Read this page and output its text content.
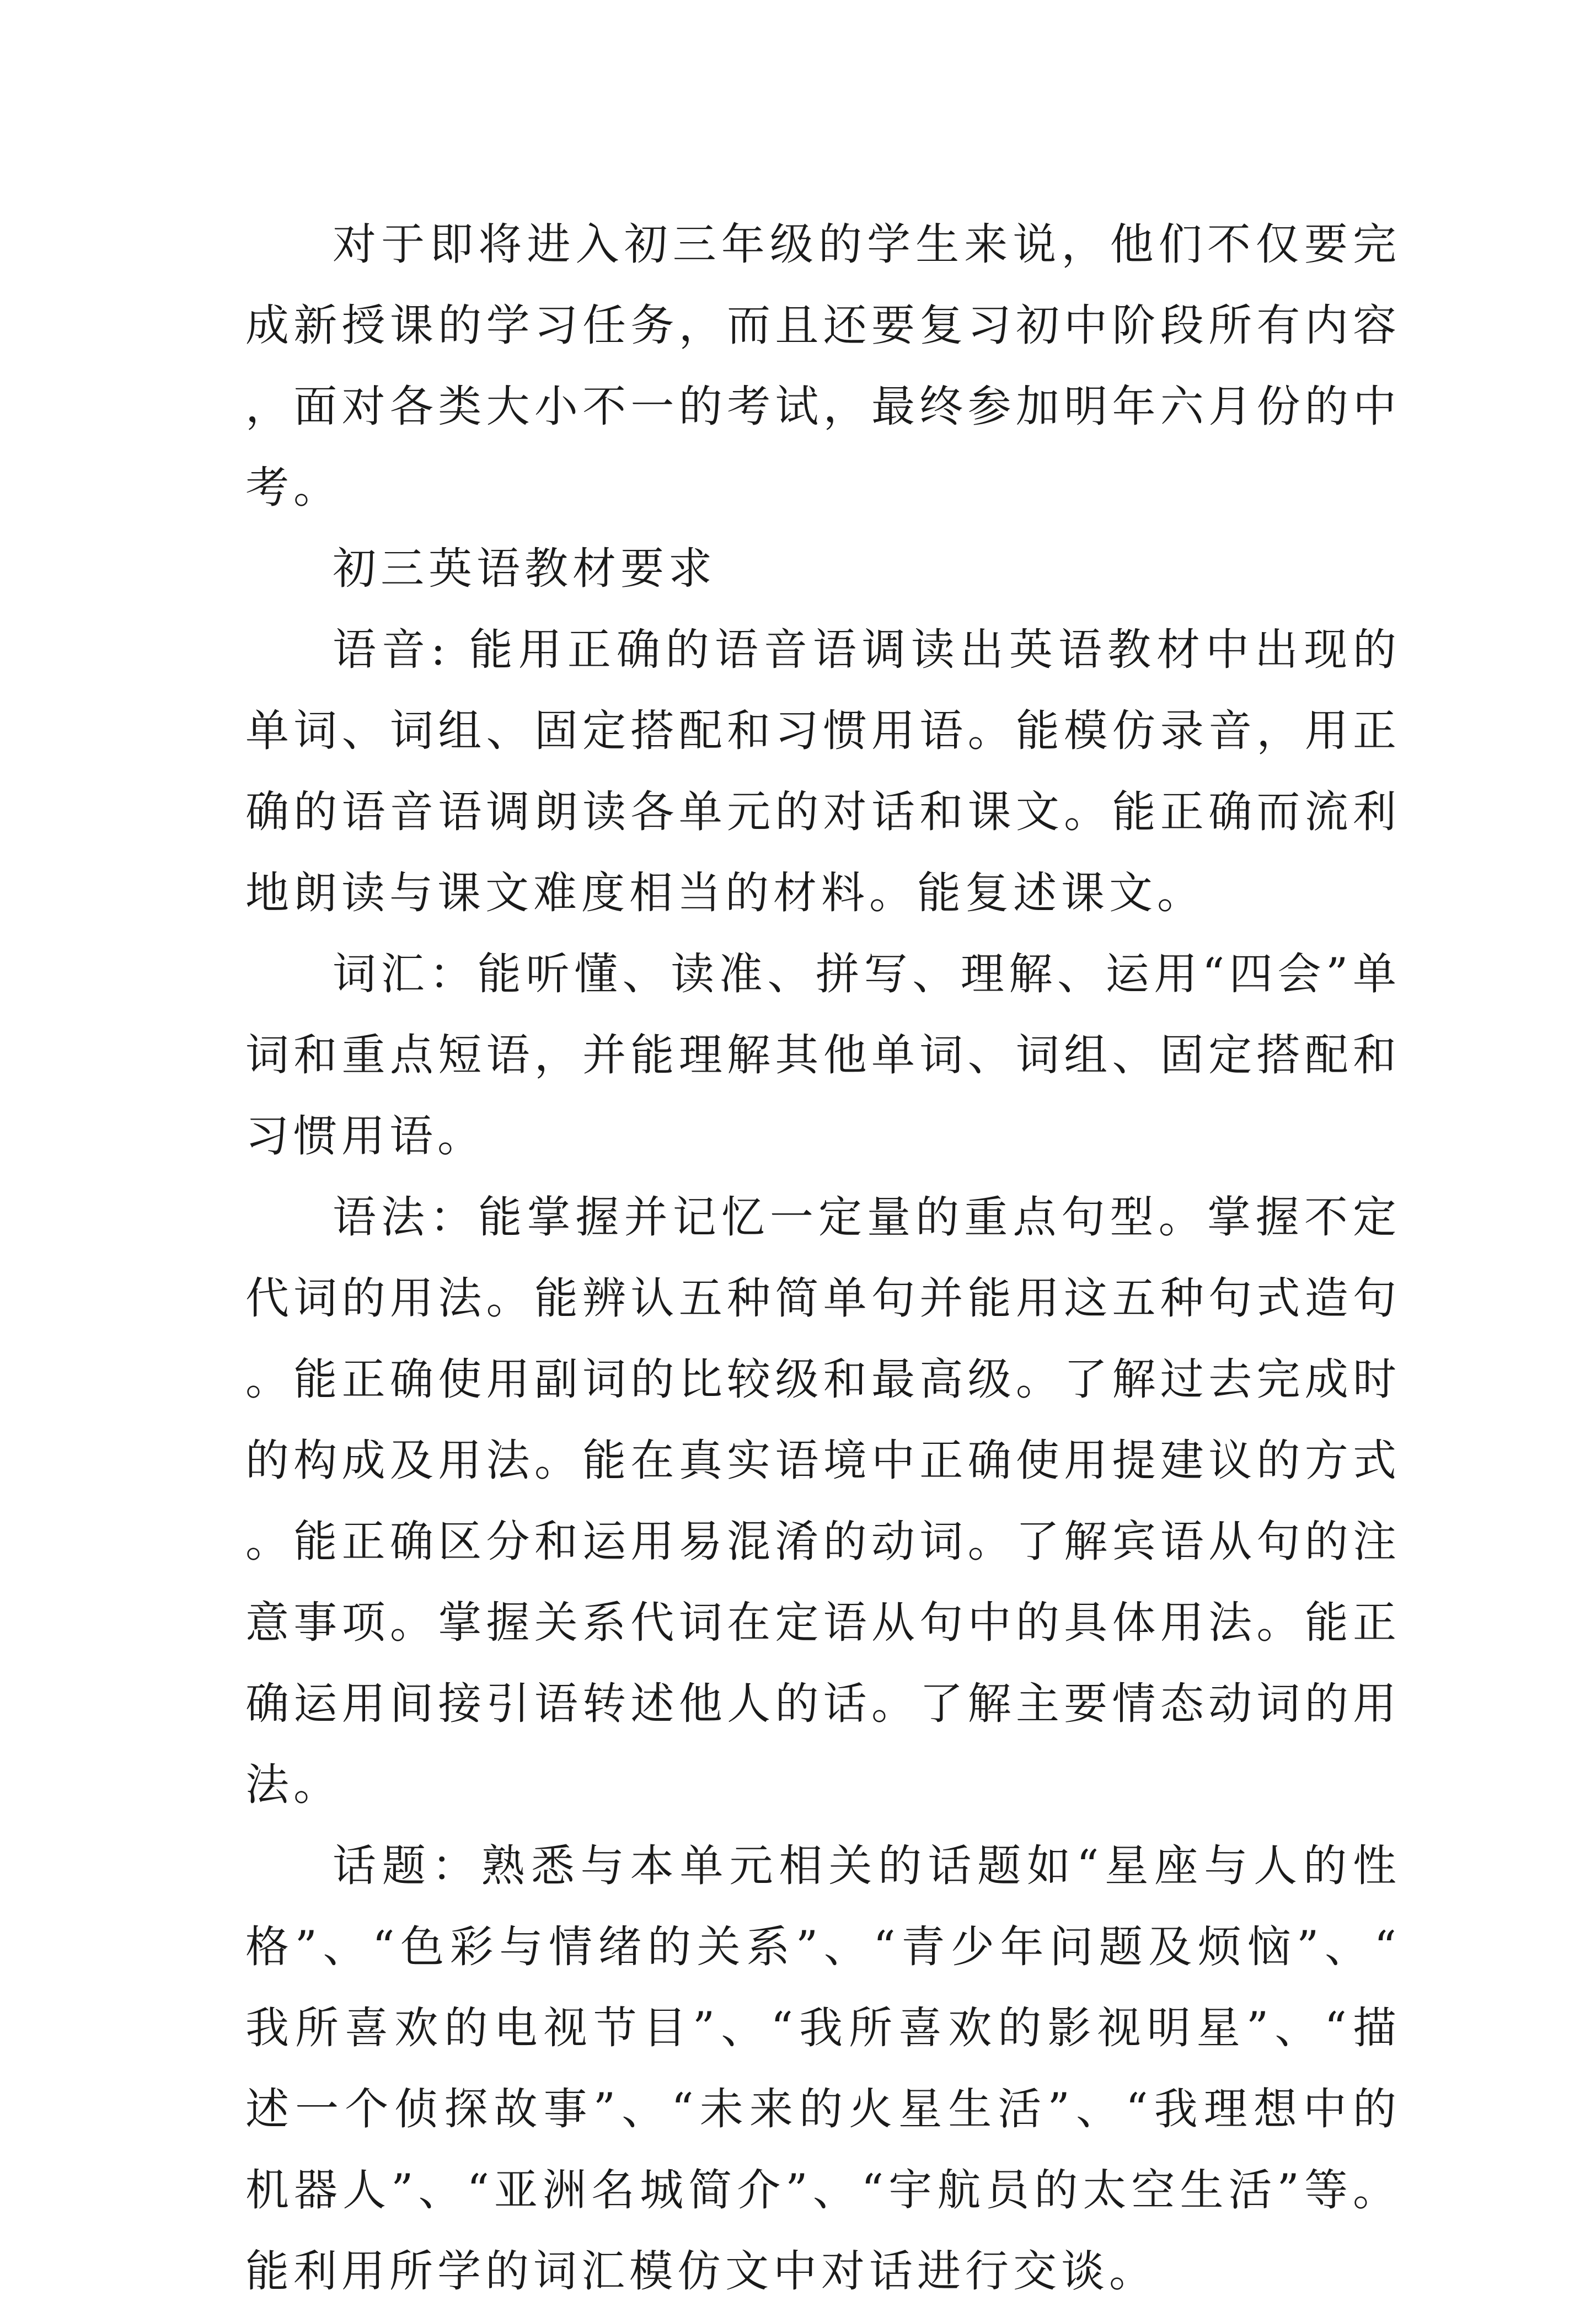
对于即将进入初三年级的学生来说，他们不仅要完成新授课的学习任务，而且还要复习初中阶段所有内容，面对各类大小不一的考试，最终参加明年六月份的中考。

初三英语教材要求

语音: 能用正确的语音语调读出英语教材中出现的单词、词组、固定搭配和习惯用语。能模仿录音，用正确的语音语调朗读各单元的对话和课文。能正确而流利地朗读与课文难度相当的材料。能复述课文。

词汇：能听懂、读准、拼写、理解、运用“四会”单词和重点短语，并能理解其他单词、词组、固定搭配和习惯用语。

语法：能掌握并记忆一定量的重点句型。掌握不定代词的用法。能辨认五种简单句并能用这五种句式造句。能正确使用副词的比较级和最高级。了解过去完成时的构成及用法。能在真实语境中正确使用提建议的方式。能正确区分和运用易混淆的动词。了解宾语从句的注意事项。掌握关系代词在定语从句中的具体用法。能正确运用间接引语转述他人的话。了解主要情态动词的用法。

话题：熟悉与本单元相关的话题如“星座与人的性格”、“色彩与情绪的关系”、“青少年问题及烦恼”、“我所喜欢的电视节目”、“我所喜欢的影视明星”、“描述一个侦探故事”、“未来的火星生活”、“我理想中的机器人”、“亚洲名城简介”、“宇航员的太空生活”等。能利用所学的词汇模仿文中对话进行交谈。
